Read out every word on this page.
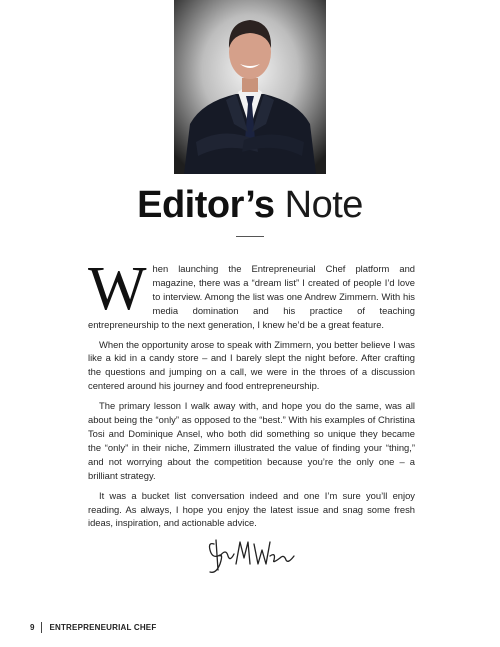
Editor’s Note

When launching the Entrepreneurial Chef platform and magazine, there was a “dream list” I created of people I’d love to interview. Among the list was one Andrew Zimmern. With his media domination and his practice of teaching entrepreneurship to the next generation, I knew he’d be a great feature.

When the opportunity arose to speak with Zimmern, you better believe I was like a kid in a candy store – and I barely slept the night before. After crafting the questions and jumping on a call, we were in the throes of a discussion centered around his journey and food entrepreneurship.

The primary lesson I walk away with, and hope you do the same, was all about being the “only” as opposed to the “best.” With his examples of Christina Tosi and Dominique Ansel, who both did something so unique they became the “only” in their niche, Zimmern illustrated the value of finding your “thing,” and not worrying about the competition because you’re the only one – a brilliant strategy.

It was a bucket list conversation indeed and one I’m sure you’ll enjoy reading. As always, I hope you enjoy the latest issue and snag some fresh ideas, inspiration, and actionable advice.

9 ENTREPRENEURIAL CHEF
